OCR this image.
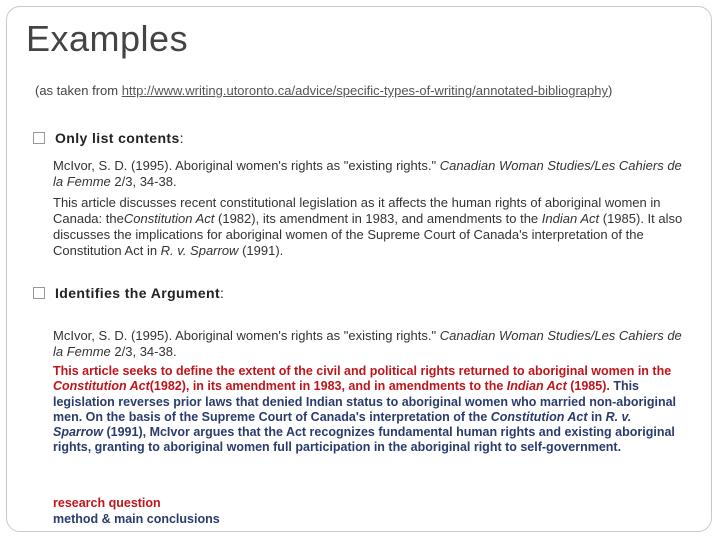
Examples
(as taken from http://www.writing.utoronto.ca/advice/specific-types-of-writing/annotated-bibliography)
Only list contents:
McIvor, S. D. (1995). Aboriginal women's rights as "existing rights." Canadian Woman Studies/Les Cahiers de la Femme 2/3, 34-38.
This article discusses recent constitutional legislation as it affects the human rights of aboriginal women in Canada: theConstitution Act (1982), its amendment in 1983, and amendments to the Indian Act (1985). It also discusses the implications for aboriginal women of the Supreme Court of Canada's interpretation of the Constitution Act in R. v. Sparrow (1991).
Identifies the Argument:
McIvor, S. D. (1995). Aboriginal women's rights as "existing rights." Canadian Woman Studies/Les Cahiers de la Femme 2/3, 34-38.
This article seeks to define the extent of the civil and political rights returned to aboriginal women in the Constitution Act(1982), in its amendment in 1983, and in amendments to the Indian Act (1985). This legislation reverses prior laws that denied Indian status to aboriginal women who married non-aboriginal men. On the basis of the Supreme Court of Canada's interpretation of the Constitution Act in R. v. Sparrow (1991), McIvor argues that the Act recognizes fundamental human rights and existing aboriginal rights, granting to aboriginal women full participation in the aboriginal right to self-government.
research question
method & main conclusions
